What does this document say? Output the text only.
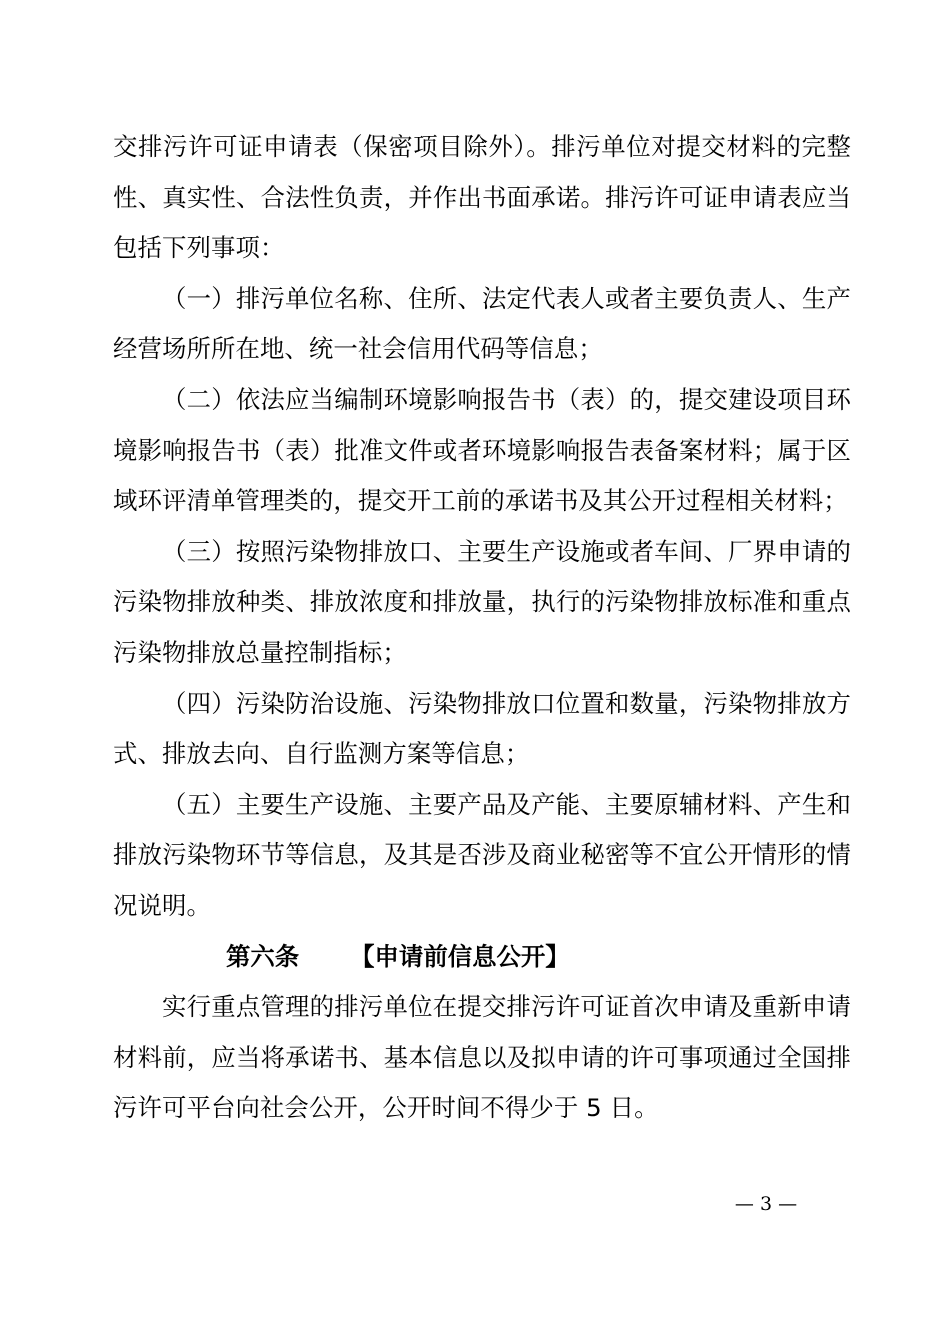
交排污许可证申请表（保密项目除外）。排污单位对提交材料的完整性、真实性、合法性负责，并作出书面承诺。排污许可证申请表应当包括下列事项：

（一）排污单位名称、住所、法定代表人或者主要负责人、生产经营场所所在地、统一社会信用代码等信息；

（二）依法应当编制环境影响报告书（表）的，提交建设项目环境影响报告书（表）批准文件或者环境影响报告表备案材料；属于区域环评清单管理类的，提交开工前的承诺书及其公开过程相关材料；

（三）按照污染物排放口、主要生产设施或者车间、厂界申请的污染物排放种类、排放浓度和排放量，执行的污染物排放标准和重点污染物排放总量控制指标；

（四）污染防治设施、污染物排放口位置和数量，污染物排放方式、排放去向、自行监测方案等信息；

（五）主要生产设施、主要产品及产能、主要原辅材料、产生和排放污染物环节等信息，及其是否涉及商业秘密等不宜公开情形的情况说明。

第六条 【申请前信息公开】

实行重点管理的排污单位在提交排污许可证首次申请及重新申请材料前，应当将承诺书、基本信息以及拟申请的许可事项通过全国排污许可平台向社会公开，公开时间不得少于 5 日。

— 3 —
